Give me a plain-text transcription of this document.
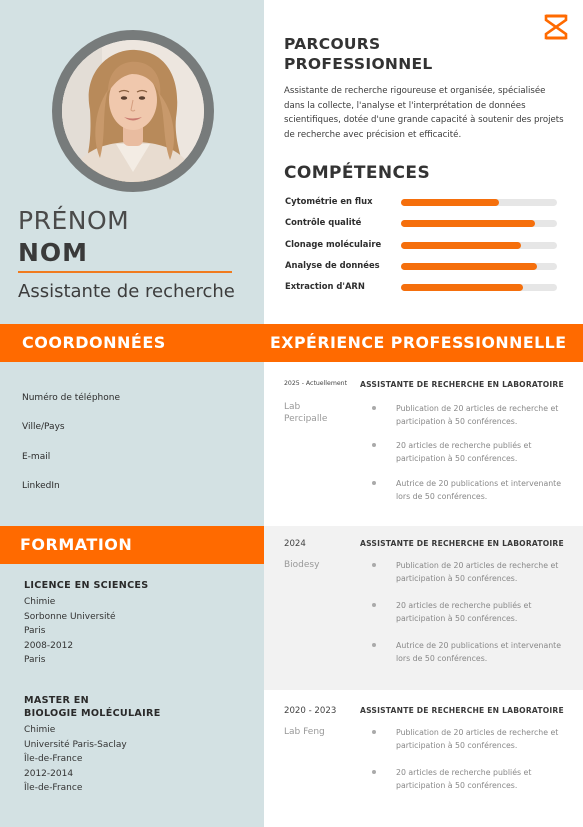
PRÉNOM
NOM
Assistante de recherche
PARCOURS
PROFESSIONNEL
Assistante de recherche rigoureuse et organisée, spécialisée dans la collecte, l'analyse et l'interprétation de données scientifiques, dotée d'une grande capacité à soutenir des projets de recherche avec précision et efficacité.
COMPÉTENCES
Cytométrie en flux
Contrôle qualité
Clonage moléculaire
Analyse de données
Extraction d'ARN
COORDONNÉES	EXPÉRIENCE PROFESSIONNELLE
Numéro de téléphone
Ville/Pays
E-mail
LinkedIn
FORMATION
LICENCE EN SCIENCES
Chimie
Sorbonne Université
Paris
2008-2012
Paris
MASTER EN
BIOLOGIE MOLÉCULAIRE
Chimie
Université Paris-Saclay
Île-de-France
2012-2014
Île-de-France
2025 - Actuellement
Lab
Percipalle
ASSISTANTE DE RECHERCHE EN LABORATOIRE
Publication de 20 articles de recherche et participation à 50 conférences.
20 articles de recherche publiés et participation à 50 conférences.
Autrice de 20 publications et intervenante lors de 50 conférences.
2024
Biodesy
ASSISTANTE DE RECHERCHE EN LABORATOIRE
Publication de 20 articles de recherche et participation à 50 conférences.
20 articles de recherche publiés et participation à 50 conférences.
Autrice de 20 publications et intervenante lors de 50 conférences.
2020 - 2023
Lab Feng
ASSISTANTE DE RECHERCHE EN LABORATOIRE
Publication de 20 articles de recherche et participation à 50 conférences.
20 articles de recherche publiés et participation à 50 conférences.
